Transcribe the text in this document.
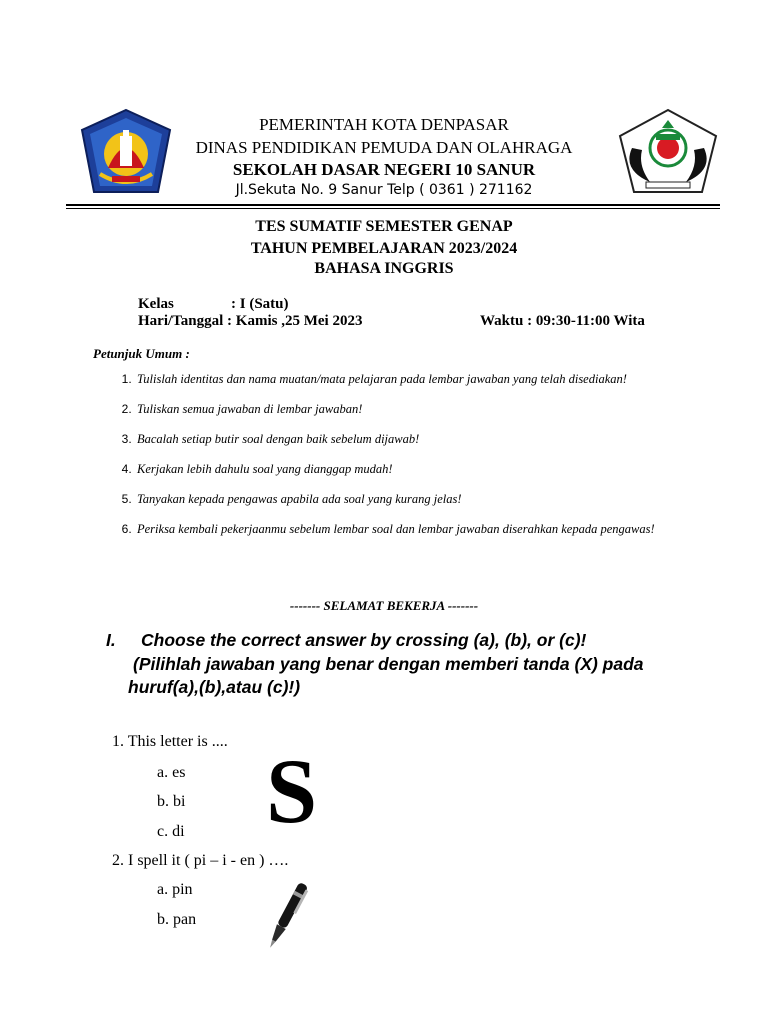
PEMERINTAH KOTA DENPASAR
DINAS PENDIDIKAN PEMUDA DAN OLAHRAGA
SEKOLAH DASAR NEGERI 10 SANUR
Jl.Sekuta No. 9 Sanur Telp ( 0361 ) 271162
TES SUMATIF SEMESTER GENAP
TAHUN PEMBELAJARAN 2023/2024
BAHASA INGGRIS
Kelas	: I (Satu)
Hari/Tanggal : Kamis ,25 Mei 2023	Waktu : 09:30-11:00 Wita
Petunjuk Umum :
1. Tulislah identitas dan nama muatan/mata pelajaran pada lembar jawaban yang telah disediakan!
2. Tuliskan semua jawaban di lembar jawaban!
3. Bacalah setiap butir soal dengan baik sebelum dijawab!
4. Kerjakan lebih dahulu soal yang dianggap mudah!
5. Tanyakan kepada pengawas apabila ada soal yang kurang jelas!
6. Periksa kembali pekerjaanmu sebelum lembar soal dan lembar jawaban diserahkan kepada pengawas!
------- SELAMAT BEKERJA -------
I. Choose the correct answer by crossing (a), (b), or (c)!
(Pilihlah jawaban yang benar dengan memberi tanda (X) pada
huruf(a),(b),atau (c)!)
1. This letter is ....
a. es
b. bi
c. di S
2. I spell it ( pi – i - en ) ….
a. pin
b. pan
